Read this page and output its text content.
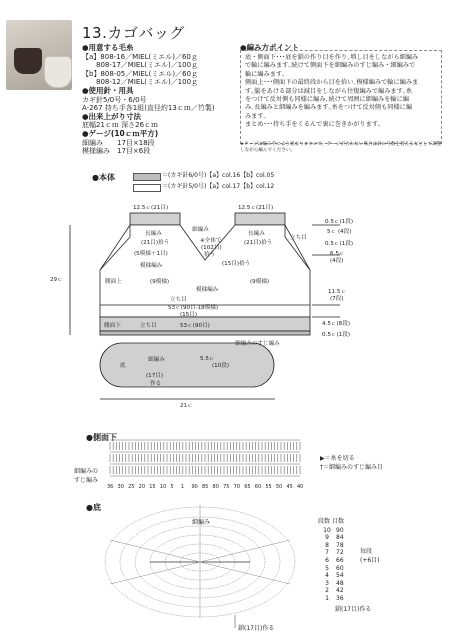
13.カゴバッグ
●用意する毛糸
【a】808-16／MIEL(ミエル)／60ｇ
　　808-17／MIEL(ミエル)／100ｇ
【b】808-05／MIEL(ミエル)／60ｇ
　　808-12／MIEL(ミエル)／100ｇ
●使用針・用具
カギ針5/0号・6/0号
A-267 持ち手各1組(直径約13ｃｍ／竹製)
●出来上がり寸法
底幅21ｃｍ 深さ26ｃｍ
●ゲージ(10ｃｍ平方)
細編み　　17目×18段
模様編み　17目×6段
●編み方ポイント
底・側面下･･･底を鎖の作り目を作り､増し目をしながら細編み
で輪に編みます｡続けて側面下を細編みのすじ編み・細編みで
輪に編みます｡
側面上･･･側面下の最終段から目を拾い､模様編みで輪に編みま
す｡脇をあける部分は減目をしながら往復編みで編みます｡糸
をつけて反対側も同様に編み､続けて周囲に細編みを輪に編
み､長編みと細編みを編みます｡糸をつけて反対側も同様に編
みます｡
まとめ･･･持ち手をくるんで裏に巻きかがります｡
★ゲージは編み手により異なりますので、ゲージが合わない場合は針の号数を替えるなどして調整しながら編んでください。
●本体	＝(カギ針6/0号)【a】col.16【b】col.05
＝(カギ針5/0号)【a】col.17【b】col.12
12.5ｃ(21目)	12.5ｃ(21目)
長編み	長編み
(21目)拾う	(21目)拾う
細編み
※全体で
(102目)
拾う
立ち目
(5模様＋1目)
(15目)拾う
模様編み
側面上	(9模様)	(9模様)
模様編み
立ち目
53ｃ(90目-18模様)
(15目)
側面下	立ち目	53ｃ(90目)
細編みのすじ編み
29ｃ
0.5ｃ(1段)
5ｃ (4段)
0.5ｃ(1段)
6.5ｃ
(4段)
11.5ｃ
(7段)
4.5ｃ(8段)
0.5ｃ(1段)
細編み
底
(17目)
作る
5.5ｃ
(10段)
21ｃ
●側面下
▶＝糸を切る
†＝細編みのすじ編み目
細編みの
すじ編み
36 30 25 20 15 10 5 1 90 85 80 75 70 65 60 55 50 45 40
●底
細編み
鎖(17目)作る
段数 目数
10 90
9 84
8 78
7 72
6 66
5 60
4 54
3 48
2 42
1 36
毎段
(+6目)
鎖(17目)作る
